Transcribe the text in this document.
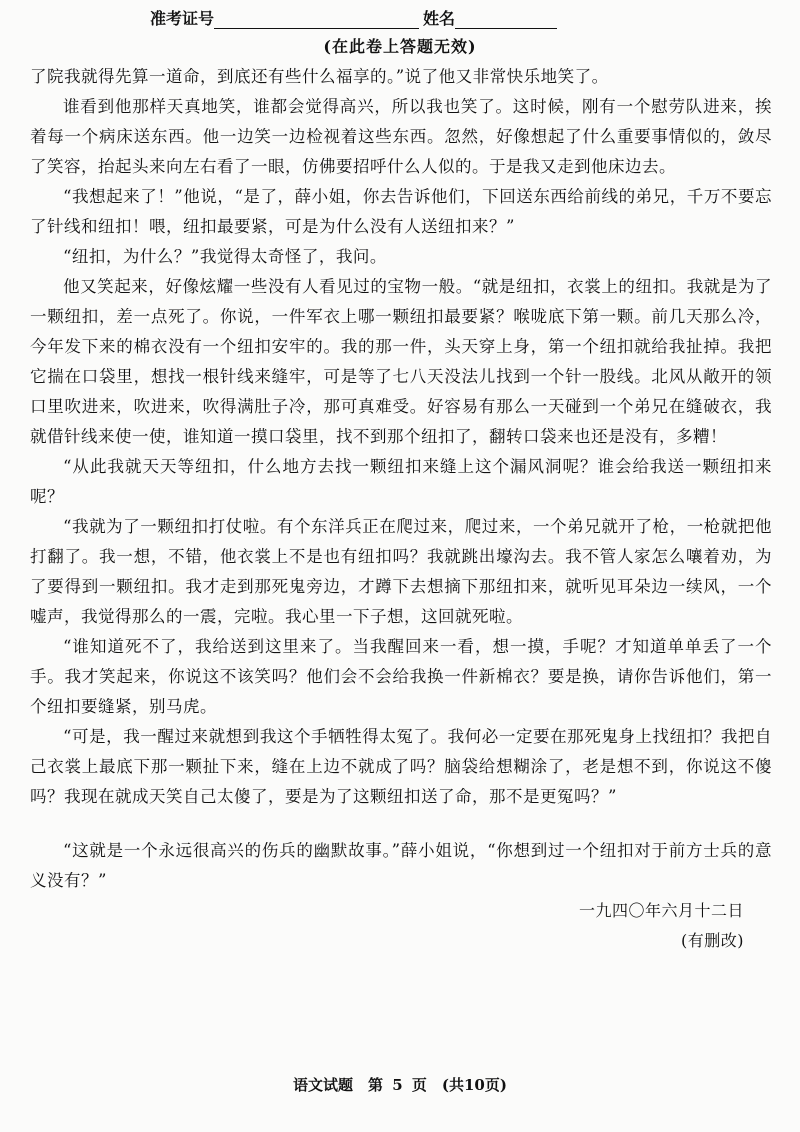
准考证号	姓名
(在此卷上答题无效)

了院我就得先算一道命，到底还有些什么福享的。”说了他又非常快乐地笑了。

谁看到他那样天真地笑，谁都会觉得高兴，所以我也笑了。这时候，刚有一个慰劳队进来，挨着每一个病床送东西。他一边笑一边检视着这些东西。忽然，好像想起了什么重要事情似的，敛尽了笑容，抬起头来向左右看了一眼，仿佛要招呼什么人似的。于是我又走到他床边去。

“我想起来了！”他说，“是了，薛小姐，你去告诉他们，下回送东西给前线的弟兄，千万不要忘了针线和纽扣！喂，纽扣最要紧，可是为什么没有人送纽扣来？”

“纽扣，为什么？”我觉得太奇怪了，我问。

他又笑起来，好像炫耀一些没有人看见过的宝物一般。“就是纽扣，衣裳上的纽扣。我就是为了一颗纽扣，差一点死了。你说，一件军衣上哪一颗纽扣最要紧？喉咙底下第一颗。前几天那么冷，今年发下来的棉衣没有一个纽扣安牢的。我的那一件，头天穿上身，第一个纽扣就给我扯掉。我把它揣在口袋里，想找一根针线来缝牢，可是等了七八天没法儿找到一个针一股线。北风从敞开的领口里吹进来，吹进来，吹得满肚子冷，那可真难受。好容易有那么一天碰到一个弟兄在缝破衣，我就借针线来使一使，谁知道一摸口袋里，找不到那个纽扣了，翻转口袋来也还是没有，多糟！

“从此我就天天等纽扣，什么地方去找一颗纽扣来缝上这个漏风洞呢？谁会给我送一颗纽扣来呢？

“我就为了一颗纽扣打仗啦。有个东洋兵正在爬过来，爬过来，一个弟兄就开了枪，一枪就把他打翻了。我一想，不错，他衣裳上不是也有纽扣吗？我就跳出壕沟去。我不管人家怎么嚷着劝，为了要得到一颗纽扣。我才走到那死鬼旁边，才蹲下去想摘下那纽扣来，就听见耳朵边一续风，一个嘘声，我觉得那么的一震，完啦。我心里一下子想，这回就死啦。

“谁知道死不了，我给送到这里来了。当我醒回来一看，想一摸，手呢？才知道单单丢了一个手。我才笑起来，你说这不该笑吗？他们会不会给我换一件新棉衣？要是换，请你告诉他们，第一个纽扣要缝紧，别马虎。

“可是，我一醒过来就想到我这个手牺牲得太冤了。我何必一定要在那死鬼身上找纽扣？我把自己衣裳上最底下那一颗扯下来，缝在上边不就成了吗？脑袋给想糊涂了，老是想不到，你说这不傻吗？我现在就成天笑自己太傻了，要是为了这颗纽扣送了命，那不是更冤吗？”

“这就是一个永远很高兴的伤兵的幽默故事。”薛小姐说，“你想到过一个纽扣对于前方士兵的意义没有？”

一九四〇年六月十二日
(有删改)
语文试题　第 5 页　(共10页)
